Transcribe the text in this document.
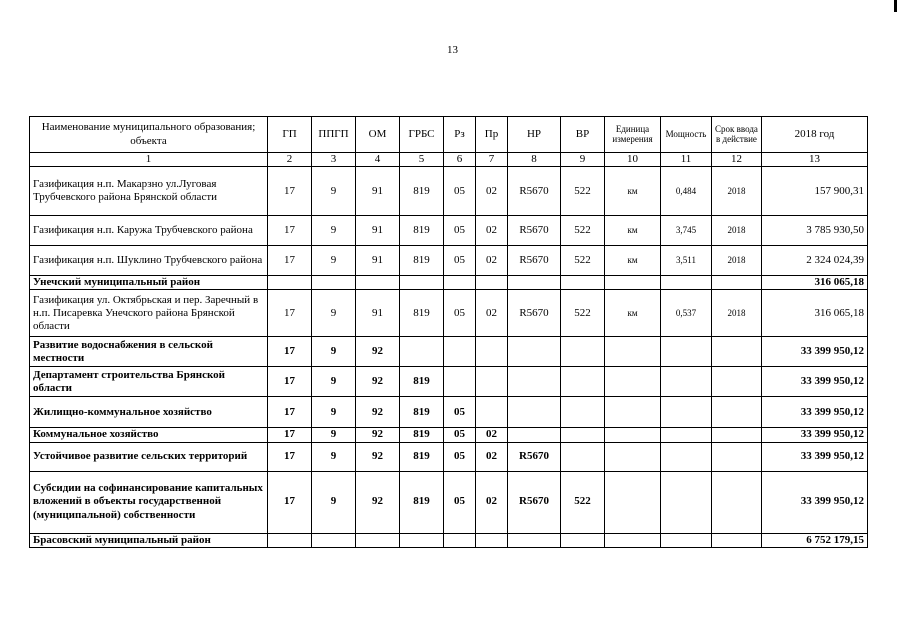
13
Наименование муниципального образования; объекта	ГП	ППГП	ОМ	ГРБС	Рз	Пр	НР	ВР	Единица измерения	Мощность	Срок ввода в действие	2018 год
1	2	3	4	5	6	7	8	9	10	11	12	13
Газификация н.п. Макарзно ул.Луговая Трубчевского района Брянской области	17	9	91	819	05	02	R5670	522	км	0,484	2018	157 900,31
Газификация н.п. Каружа Трубчевского района	17	9	91	819	05	02	R5670	522	км	3,745	2018	3 785 930,50
Газификация н.п. Шуклино Трубчевского района	17	9	91	819	05	02	R5670	522	км	3,511	2018	2 324 024,39
Унечский муниципальный район												316 065,18
Газификация ул. Октябрьская и пер. Заречный в н.п. Писаревка Унечского района Брянской области	17	9	91	819	05	02	R5670	522	км	0,537	2018	316 065,18
Развитие водоснабжения в сельской местности	17	9	92									33 399 950,12
Департамент строительства Брянской области	17	9	92	819								33 399 950,12
Жилищно-коммунальное хозяйство	17	9	92	819	05							33 399 950,12
Коммунальное хозяйство	17	9	92	819	05	02						33 399 950,12
Устойчивое развитие сельских территорий	17	9	92	819	05	02	R5670					33 399 950,12
Субсидии на софинансирование капитальных вложений в объекты государственной (муниципальной) собственности	17	9	92	819	05	02	R5670	522				33 399 950,12
Брасовский муниципальный район												6 752 179,15
